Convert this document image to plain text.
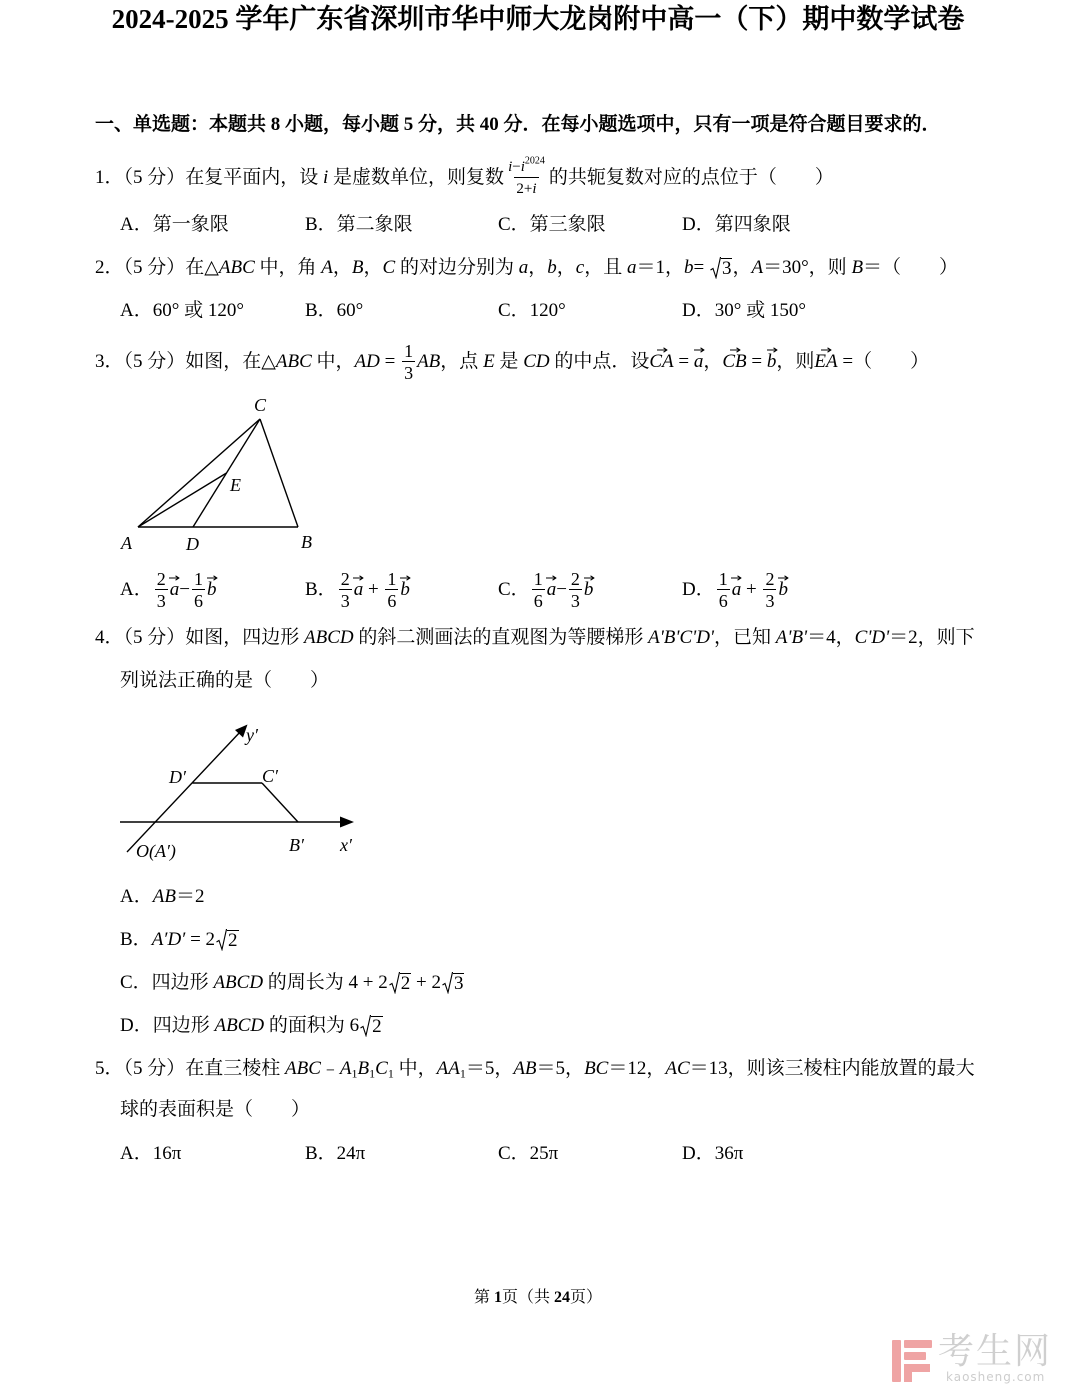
2024-2025 学年广东省深圳市华中师大龙岗附中高一（下）期中数学试卷
一、单选题：本题共 8 小题，每小题 5 分，共 40 分．在每小题选项中，只有一项是符合题目要求的．
1．（5 分）在复平面内，设 i 是虚数单位，则复数 $\frac{i - i^{2024}}{2+ i}$ 的共轭复数对应的点位于（　　）
A．第一象限	B．第二象限	C．第三象限	D．第四象限
2．（5 分）在△ ABC 中，角 A ， B ， C 的对边分别为 a ， b ， c ，且 a ＝1， b = 3 ， A ＝30°，则 B ＝（　　）
A．60° 或 120°	B．60°	C．120°	D．30° 或 150°
3．（5 分）如图，在△ ABC 中， AD = $\frac{1}{3}$ AB ，点 E 是 CD 的中点．设 CA = a ， CB = b ，则 EA =（　　）
C
E
A	D	B
A． $\frac{2}{3}$ $a - \frac{1}{6}$ b	B． $\frac{2}{3}$ $a + \frac{1}{6}$ b	C． $\frac{1}{6}$ $a - \frac{2}{3}$ b	D． $\frac{1}{6}$ $a + \frac{2}{3}$ b
4．（5 分）如图，四边形 ABCD 的斜二测画法的直观图为等腰梯形 A'B'C'D' ，已知 A'B' ＝4， C'D' ＝2，则下
列说法正确的是（　　）
y′
D′	C′
B′
O(A′)	x′
A． AB ＝2
B． A′D′ = 2 2
C．四边形 ABCD 的周长为 4 + 2 2 + 2 3
D．四边形 ABCD 的面积为 6 2
5．（5 分）在直三棱柱 ABC ﹣ $A_1$ $B_1$ $C_1$ 中， $AA_1 =5$， AB ＝5， BC ＝12， AC ＝13，则该三棱柱内能放置的最大
球的表面积是（　　）
A．16π	B．24π	C．25π	D．36π
第 1 页（共 24 页）
考生网
kaosheng.com
